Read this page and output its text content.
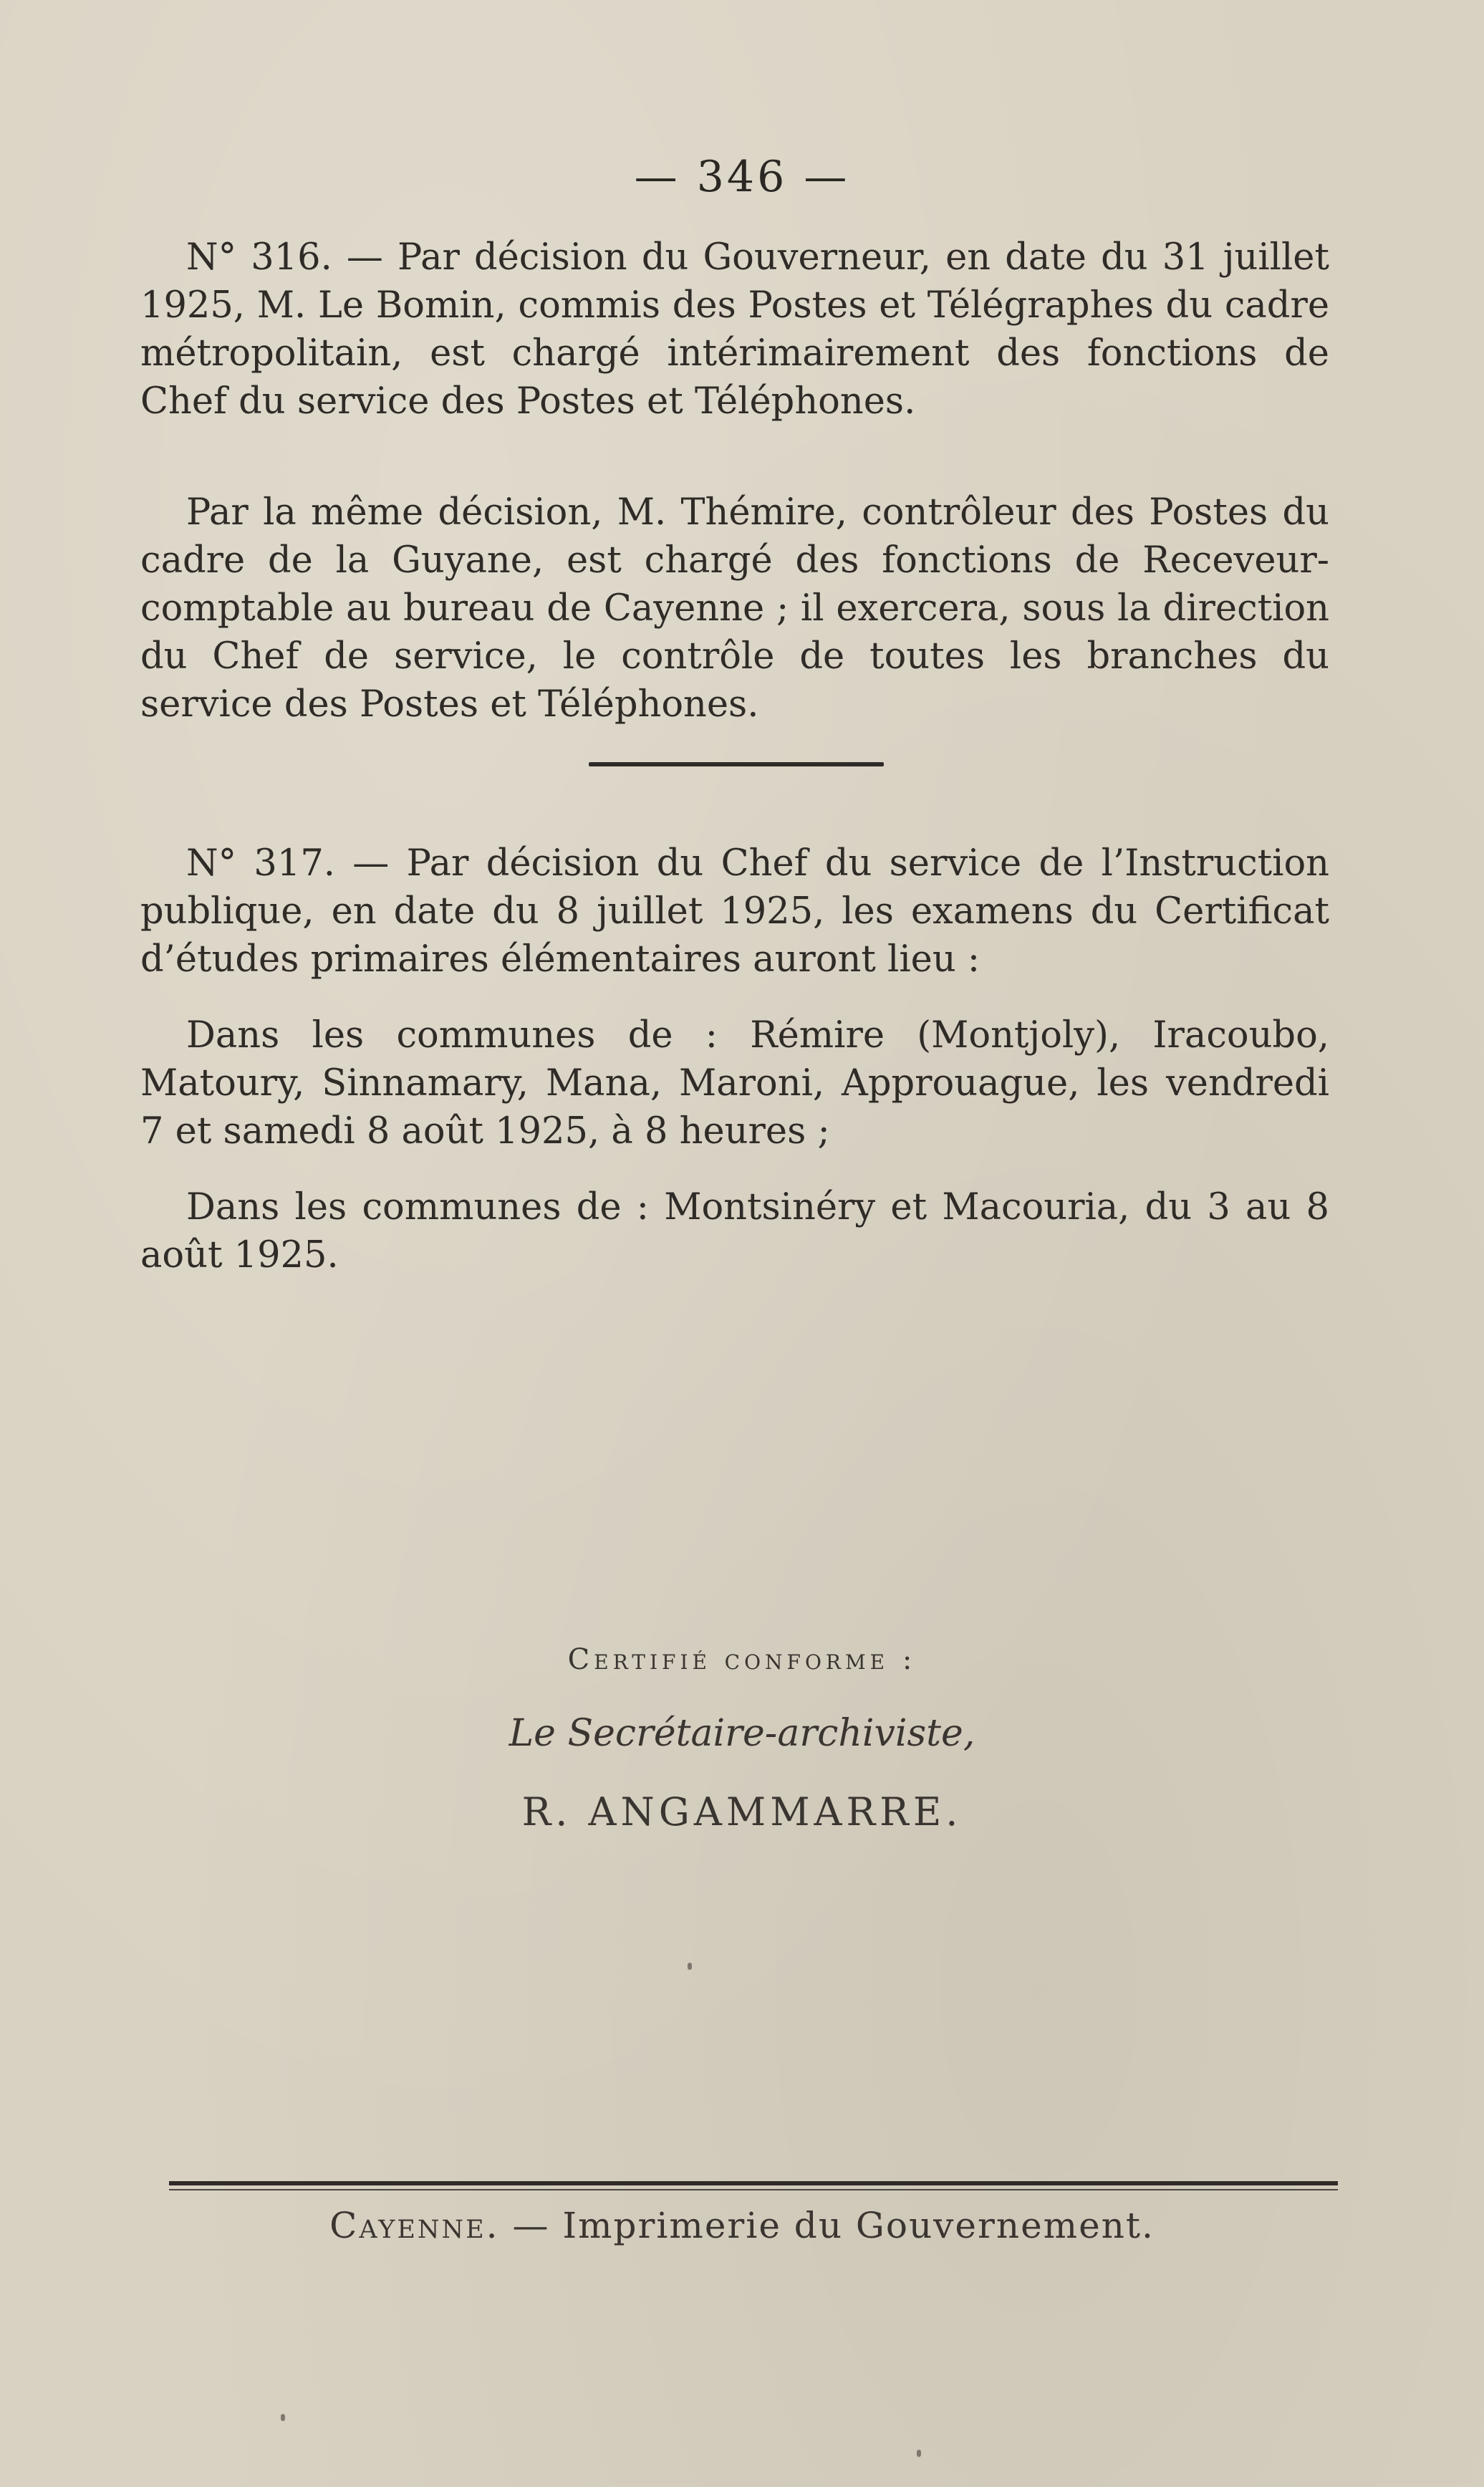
— 346 —

N° 316. — Par décision du Gouverneur, en date du 31 juillet 1925, M. Le Bomin, commis des Postes et Télégraphes du cadre métropolitain, est chargé intérimairement des fonctions de Chef du service des Postes et Téléphones.

Par la même décision, M. Thémire, contrôleur des Postes du cadre de la Guyane, est chargé des fonctions de Receveur-comptable au bureau de Cayenne ; il exercera, sous la direction du Chef de service, le contrôle de toutes les branches du service des Postes et Téléphones.

N° 317. — Par décision du Chef du service de l’Instruction publique, en date du 8 juillet 1925, les examens du Certificat d’études primaires élémentaires auront lieu :

Dans les communes de : Rémire (Montjoly), Iracoubo, Matoury, Sinnamary, Mana, Maroni, Approuague, les vendredi 7 et samedi 8 août 1925, à 8 heures ;

Dans les communes de : Montsinéry et Macouria, du 3 au 8 août 1925.

Certifié conforme :
Le Secrétaire-archiviste,
R. ANGAMMARRE.
Cayenne. — Imprimerie du Gouvernement.
